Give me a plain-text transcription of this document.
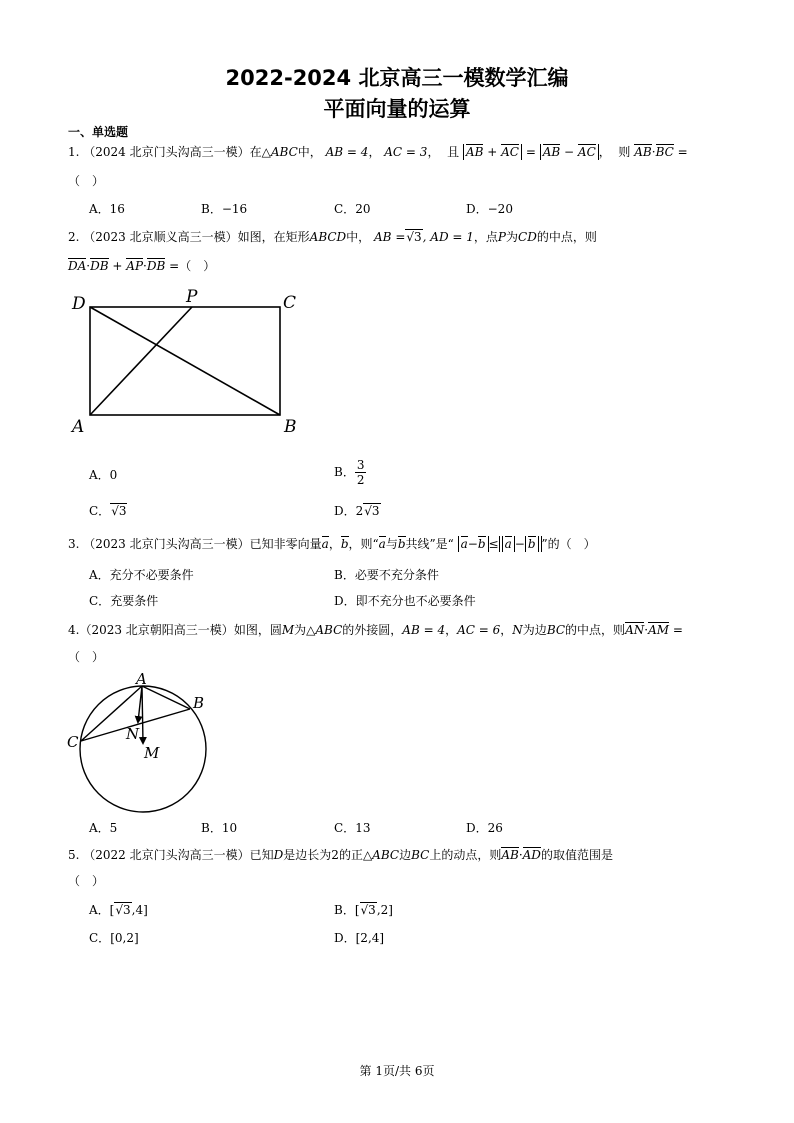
2022-2024 北京高三一模数学汇编
平面向量的运算
一、单选题
1. （2024 北京门头沟高三一模）在△ABC中， AB = 4， AC = 3，  且 AB + AC = AB − AC ，  则 AB·BC =
（　）
A．16	B．−16	C．20	D．−20
2. （2023 北京顺义高三一模）如图，在矩形ABCD中， AB =√3, AD = 1，点P为CD的中点，则
DA·DB + AP·DB =（　）
D	P	C
A	B
A．0	B． $\frac{3}{2}$
C．√3	D．2√3
3. （2023 北京门头沟高三一模）已知非零向量a，b，则“a与b共线”是“ a−b ≤ a − b ”的（　）
A．充分不必要条件	B．必要不充分条件
C．充要条件	D．即不充分也不必要条件
4.（2023 北京朝阳高三一模）如图，圆M为△ABC的外接圆，AB = 4，AC = 6，N为边BC的中点，则AN·AM =
（　）
A
B
C	N
M
A．5	B．10	C．13	D．26
5. （2022 北京门头沟高三一模）已知D是边长为2的正△ABC边BC上的动点，则AB·AD的取值范围是
（　）
A．[√3,4]	B．[√3,2]
C．[0,2]	D．[2,4]
第 1页/共 6页
